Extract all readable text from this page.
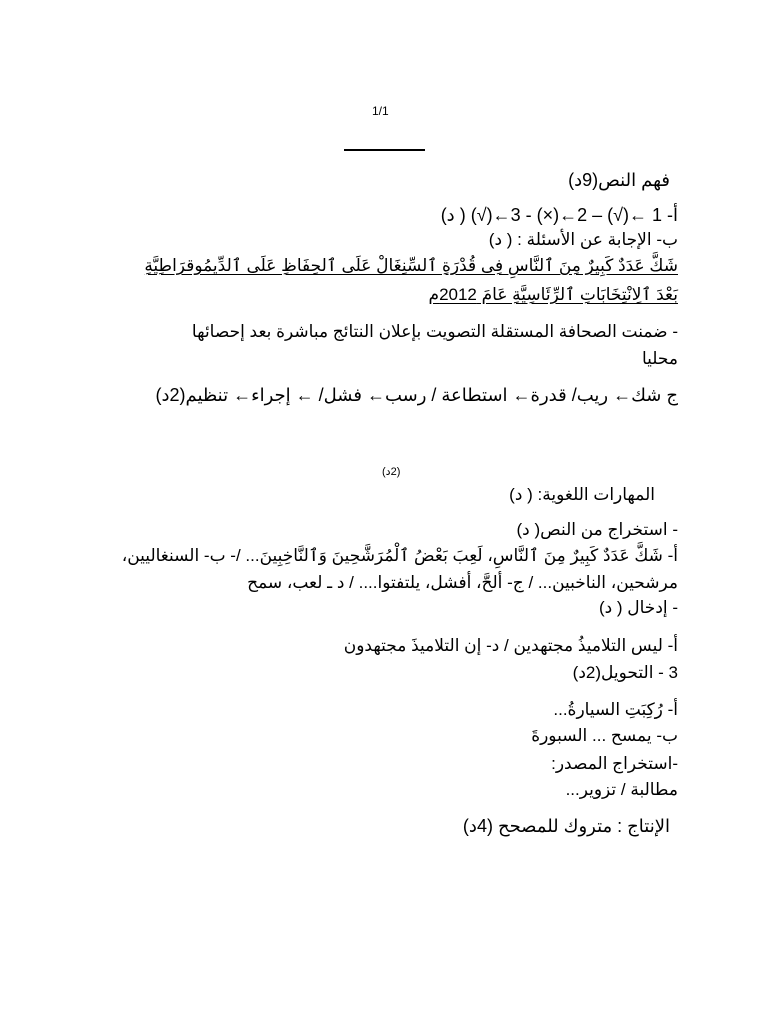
1/1
فهم النص(9د)
أ- 1 ←(√) – 2←(×) - 3←(√) ( د)
ب- الإجابة عن الأسئلة : ( د)
شَكَّ عَدَدٌ كَبِيرٌ مِنَ ٱلنَّاسِ فِى قُدْرَةِ ٱلسِّنِغَالْ عَلَى ٱلحِفَاظِ عَلَى ٱلدِّيمُوقرَاطِيَّةِ
بَعْدَ ٱلِانْتِخَابَاتِ ٱلرِّئَاسِيَّةِ عَامَ 2012م
- ضمنت الصحافة المستقلة التصويت بإعلان النتائج مباشرة بعد إحصائها
محليا
ج شك← ريب/ قدرة← استطاعة / رسب← فشل/ ← إجراء← تنظيم(2د)
(2د)
المهارات اللغوية: ( د)
- استخراج من النص( د)
أ- شَكَّ عَدَدٌ كَبِيرٌ مِنَ ٱلنَّاسِ، لَعِبَ بَعْضُ ٱلْمُرَشَّحِينَ وَٱلنَّاخِبِينَ... /- ب- السنغاليين،
مرشحين، الناخبين... / ج- ألحَّ، أفشل، يلتفتوا.... / د ـ لعب، سمح
- إدخال ( د)
أ- ليس التلاميذُ مجتهدين / د- إن التلاميذَ مجتهدون
3 - التحويل(2د)
أ- رُكِبَتِ السيارةُ...
ب- يمسح ... السبورةَ
-استخراج المصدر:
مطالبة / تزوير...
الإنتاج : متروك للمصحح (4د)
